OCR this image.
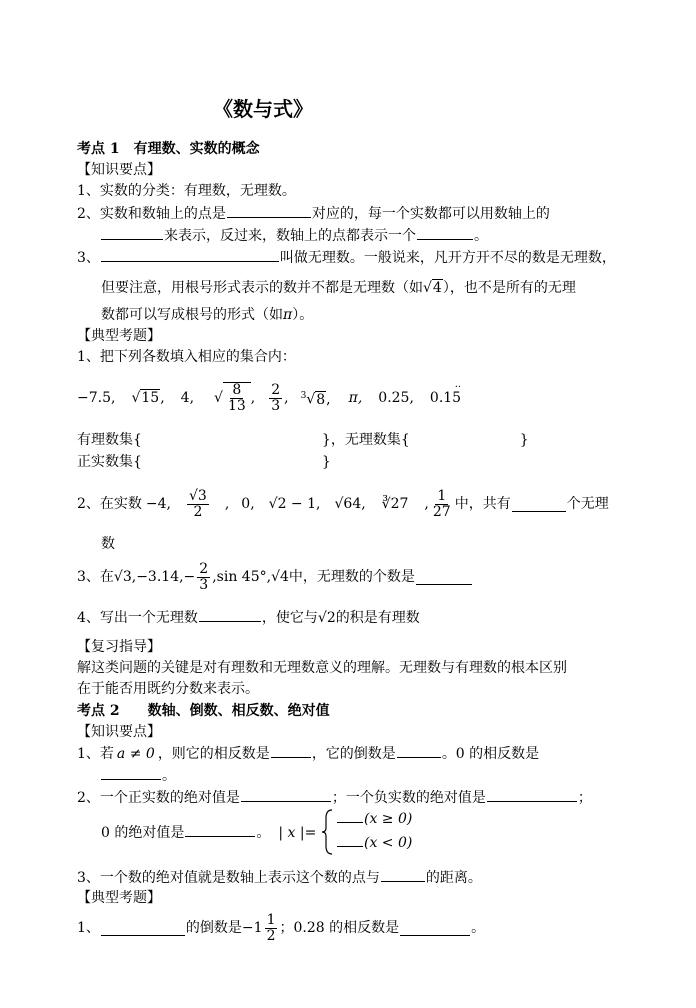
《数与式》
考点 1　有理数、实数的概念
【知识要点】
1、实数的分类：有理数，无理数。
2、实数和数轴上的点是	对应的，每一个实数都可以用数轴上的
来表示，反过来，数轴上的点都表示一个	。
3、	叫做无理数。一般说来，凡开方开不尽的数是无理数，
但要注意，用根号形式表示的数并不都是无理数（如√4），也不是所有的无理
数都可以写成根号的形式（如π）。
【典型考题】
1、把下列各数填入相应的集合内：
−7.5, √15, 4, √ $\frac{8}{13}$ , $\frac{2}{3}$ , $^3$√8, π, 0.25, 0.15
··
有理数集{	}，无理数集{	}
正实数集{	}
2、在实数 −4, $\frac{√3}{2}$ , 0, √2 − 1, √64, ∛27 , $\frac{1}{27}$ 中，共有	个无理
数
3、在 $√3,-3.14,- \frac{2}{3} ,\sin$ 45°,√4 中，无理数的个数是
4、写出一个无理数	，使它与√2的积是有理数
【复习指导】
解这类问题的关键是对有理数和无理数意义的理解。无理数与有理数的根本区别
在于能否用既约分数来表示。
考点 2　　数轴、倒数、相反数、绝对值
【知识要点】
1、若 a ≠ 0 ，则它的相反数是	，它的倒数是	。0 的相反数是
。
2、一个正实数的绝对值是	；一个负实数的绝对值是	；
0 的绝对值是	。 | x |=
(x ≥ 0)
(x < 0)
3、一个数的绝对值就是数轴上表示这个数的点与	的距离。
【典型考题】
1、	的倒数是 $-1 \frac{1}{2}$ ；0.28 的相反数是	。
